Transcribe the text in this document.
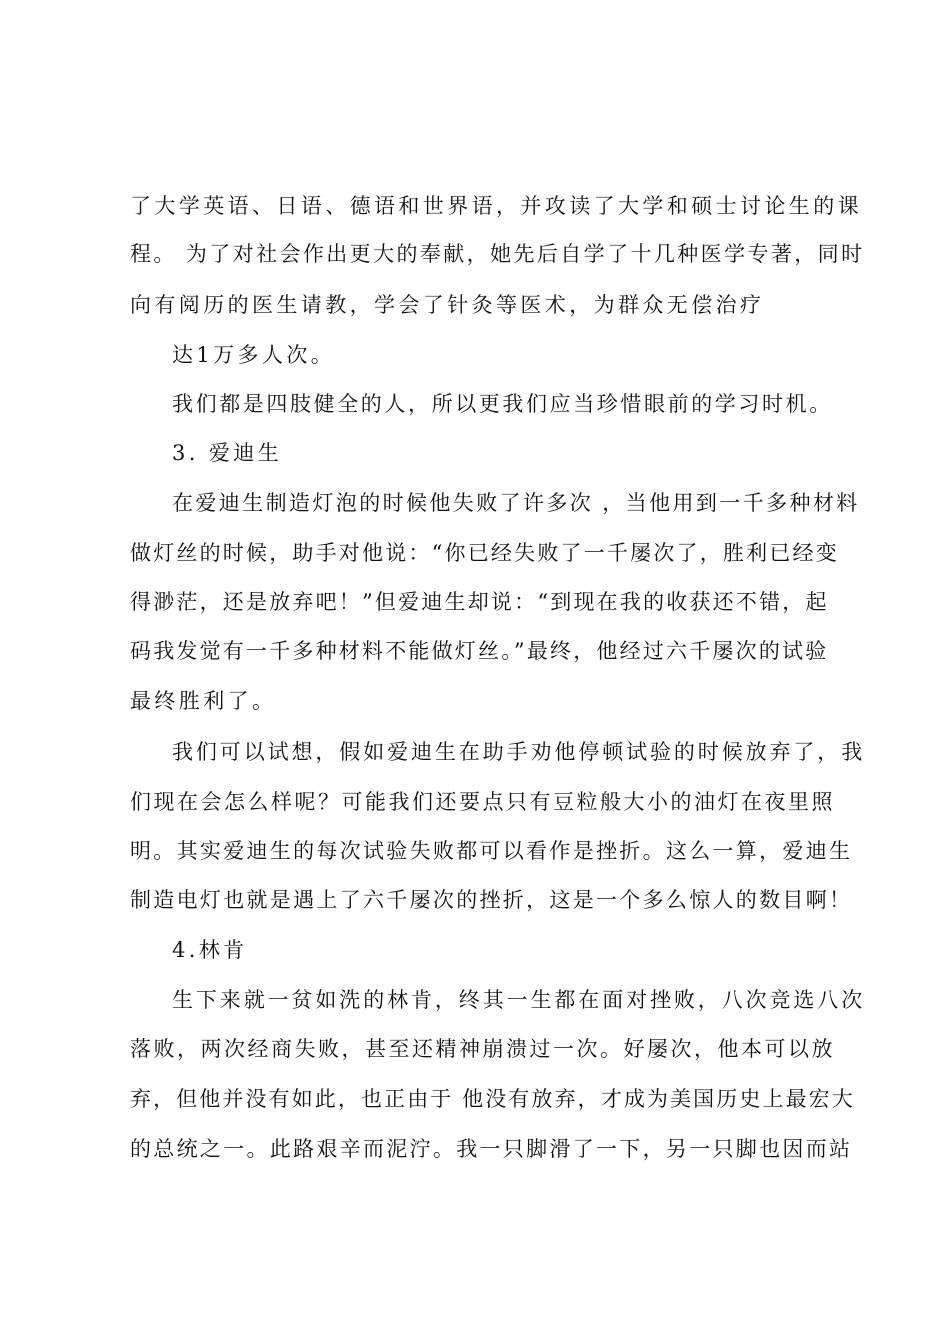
了大学英语、日语、德语和世界语，并攻读了大学和硕士讨论生的课
程。 为了对社会作出更大的奉献，她先后自学了十几种医学专著，同时
向有阅历的医生请教，学会了针灸等医术，为群众无偿治疗
达1万多人次。
我们都是四肢健全的人，所以更我们应当珍惜眼前的学习时机。
3. 爱迪生
在爱迪生制造灯泡的时候他失败了许多次 ，当他用到一千多种材料
做灯丝的时候，助手对他说：“你已经失败了一千屡次了，胜利已经变
得渺茫，还是放弃吧！”但爱迪生却说：“到现在我的收获还不错，起
码我发觉有一千多种材料不能做灯丝。”最终，他经过六千屡次的试验
最终胜利了。
我们可以试想，假如爱迪生在助手劝他停顿试验的时候放弃了，我
们现在会怎么样呢？可能我们还要点只有豆粒般大小的油灯在夜里照
明。其实爱迪生的每次试验失败都可以看作是挫折。这么一算，爱迪生
制造电灯也就是遇上了六千屡次的挫折，这是一个多么惊人的数目啊！
4.林肯
生下来就一贫如洗的林肯，终其一生都在面对挫败，八次竞选八次
落败，两次经商失败，甚至还精神崩溃过一次。好屡次，他本可以放
弃，但他并没有如此，也正由于 他没有放弃，才成为美国历史上最宏大
的总统之一。此路艰辛而泥泞。我一只脚滑了一下，另一只脚也因而站
